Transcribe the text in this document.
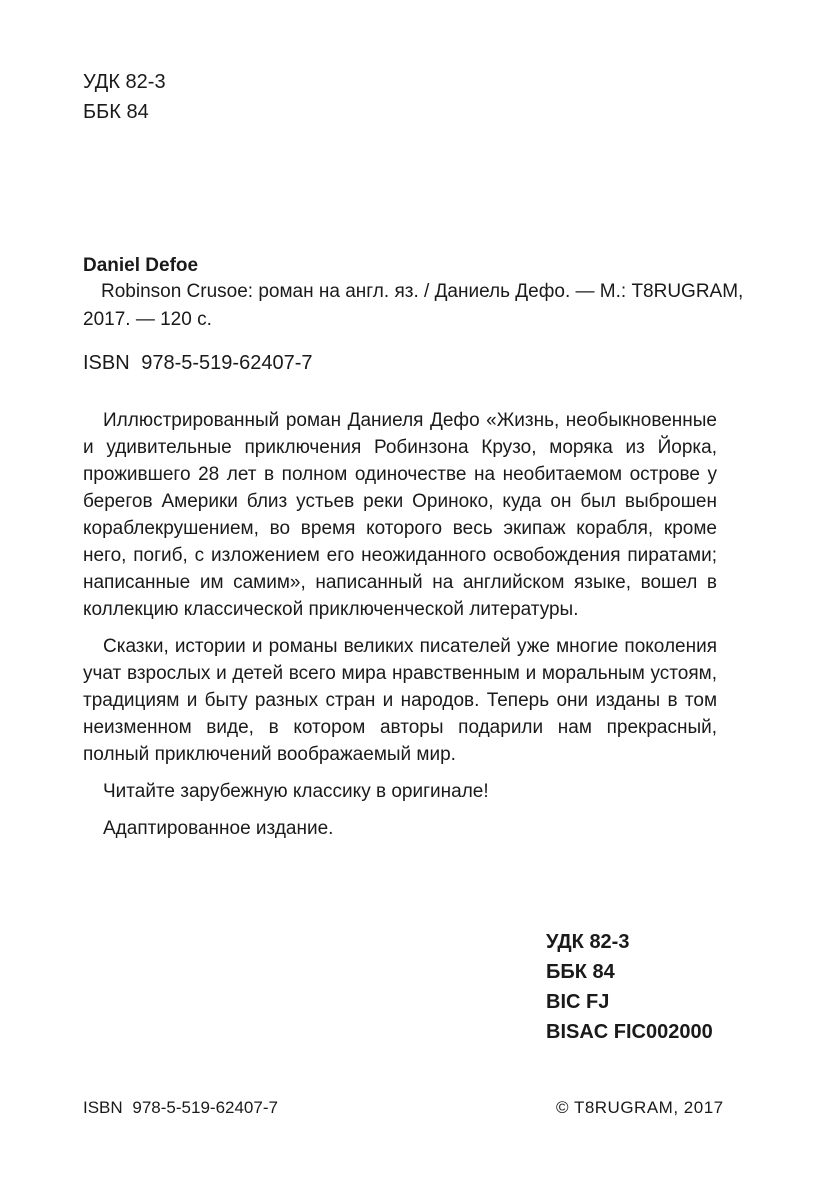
УДК 82-3
ББК 84
Daniel Defoe
Robinson Crusoe: роман на англ. яз. / Даниель Дефо. — М.: T8RUGRAM,
2017. — 120 с.
ISBN 978-5-519-62407-7

Иллюстрированный роман Даниеля Дефо «Жизнь, необыкновенные и удивительные приключения Робинзона Крузо, моряка из Йорка, прожившего 28 лет в полном одиночестве на необитаемом острове у берегов Америки близ устьев реки Ориноко, куда он был выброшен кораблекрушением, во время которого весь экипаж корабля, кроме него, погиб, с изложением его неожиданного освобождения пиратами; написанные им самим», написанный на английском языке, вошел в коллекцию классической приключенческой литературы.

Сказки, истории и романы великих писателей уже многие поколения учат взрослых и детей всего мира нравственным и моральным устоям, традициям и быту разных стран и народов. Теперь они изданы в том неизменном виде, в котором авторы подарили нам прекрасный, полный приключений воображаемый мир.

Читайте зарубежную классику в оригинале!

Адаптированное издание.

УДК 82-3
ББК 84
BIC FJ
BISAC FIC002000
ISBN 978-5-519-62407-7	© T8RUGRAM, 2017
